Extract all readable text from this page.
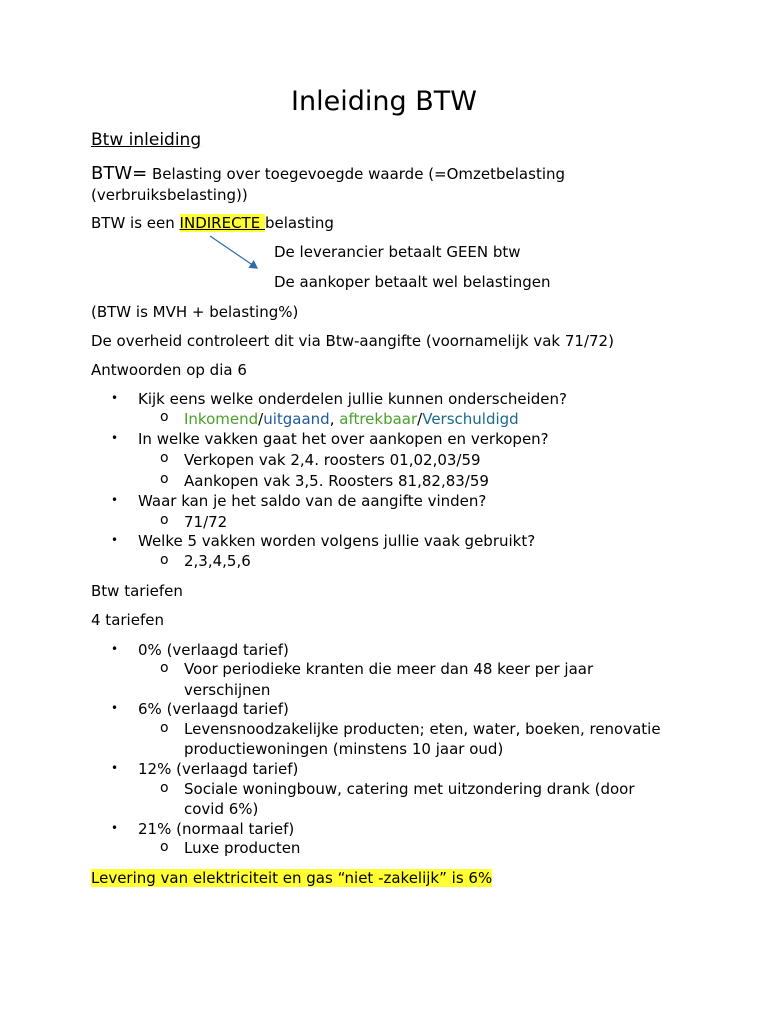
Inleiding BTW
Btw inleiding
BTW= Belasting over toegevoegde waarde (=Omzetbelasting
(verbruiksbelasting))
BTW is een INDIRECTE belasting
De leverancier betaalt GEEN btw
De aankoper betaalt wel belastingen
(BTW is MVH + belasting%)
De overheid controleert dit via Btw-aangifte (voornamelijk vak 71/72)
Antwoorden op dia 6
• Kijk eens welke onderdelen jullie kunnen onderscheiden?
o Inkomend/uitgaand, aftrekbaar/Verschuldigd
• In welke vakken gaat het over aankopen en verkopen?
o Verkopen vak 2,4. roosters 01,02,03/59
o Aankopen vak 3,5. Roosters 81,82,83/59
• Waar kan je het saldo van de aangifte vinden?
o 71/72
• Welke 5 vakken worden volgens jullie vaak gebruikt?
o 2,3,4,5,6
Btw tariefen
4 tariefen
• 0% (verlaagd tarief)
o Voor periodieke kranten die meer dan 48 keer per jaar
verschijnen
• 6% (verlaagd tarief)
o Levensnoodzakelijke producten; eten, water, boeken, renovatie
productiewoningen (minstens 10 jaar oud)
• 12% (verlaagd tarief)
o Sociale woningbouw, catering met uitzondering drank (door
covid 6%)
• 21% (normaal tarief)
o Luxe producten
Levering van elektriciteit en gas “niet -zakelijk” is 6%
